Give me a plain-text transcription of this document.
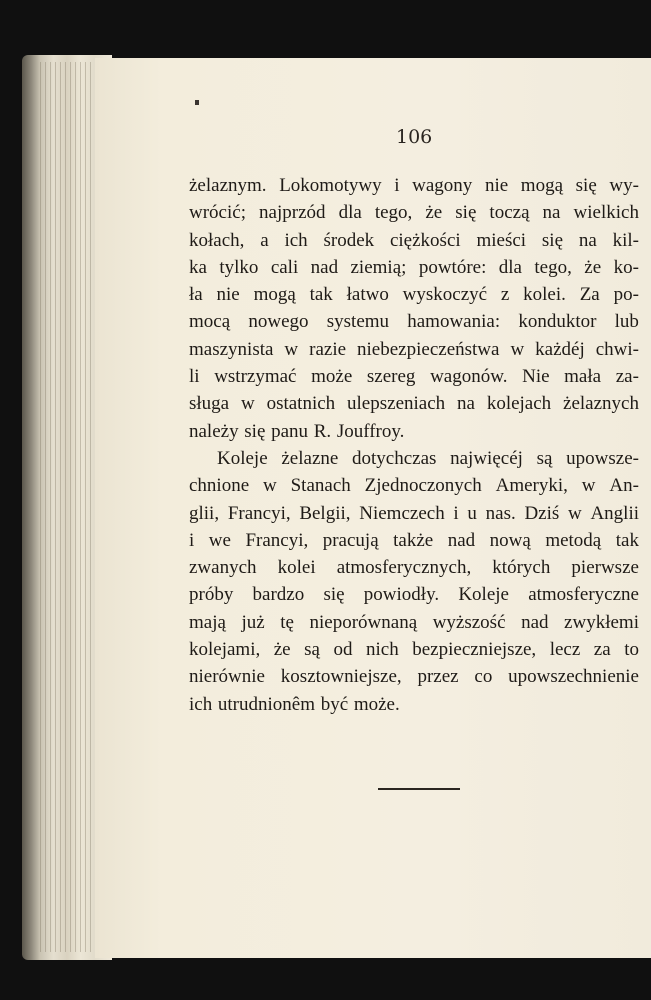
106
żelaznym. Lokomotywy i wagony nie mogą się wy-
wrócić; najprzód dla tego, że się toczą na wielkich
kołach, a ich środek ciężkości mieści się na kil-
ka tylko cali nad ziemią; powtóre: dla tego, że ko-
ła nie mogą tak łatwo wyskoczyć z kolei. Za po-
mocą nowego systemu hamowania: konduktor lub
maszynista w razie niebezpieczeństwa w każdéj chwi-
li wstrzymać może szereg wagonów. Nie mała za-
sługa w ostatnich ulepszeniach na kolejach żelaznych
należy się panu R. Jouffroy.
Koleje żelazne dotychczas najwięcéj są upowsze-
chnione w Stanach Zjednoczonych Ameryki, w An-
glii, Francyi, Belgii, Niemczech i u nas. Dziś w Anglii
i we Francyi, pracują także nad nową metodą tak
zwanych kolei atmosferycznych, których pierwsze
próby bardzo się powiodły. Koleje atmosferyczne
mają już tę nieporównaną wyższość nad zwykłemi
kolejami, że są od nich bezpieczniejsze, lecz za to
nierównie kosztowniejsze, przez co upowszechnienie
ich utrudnionêm być może.
